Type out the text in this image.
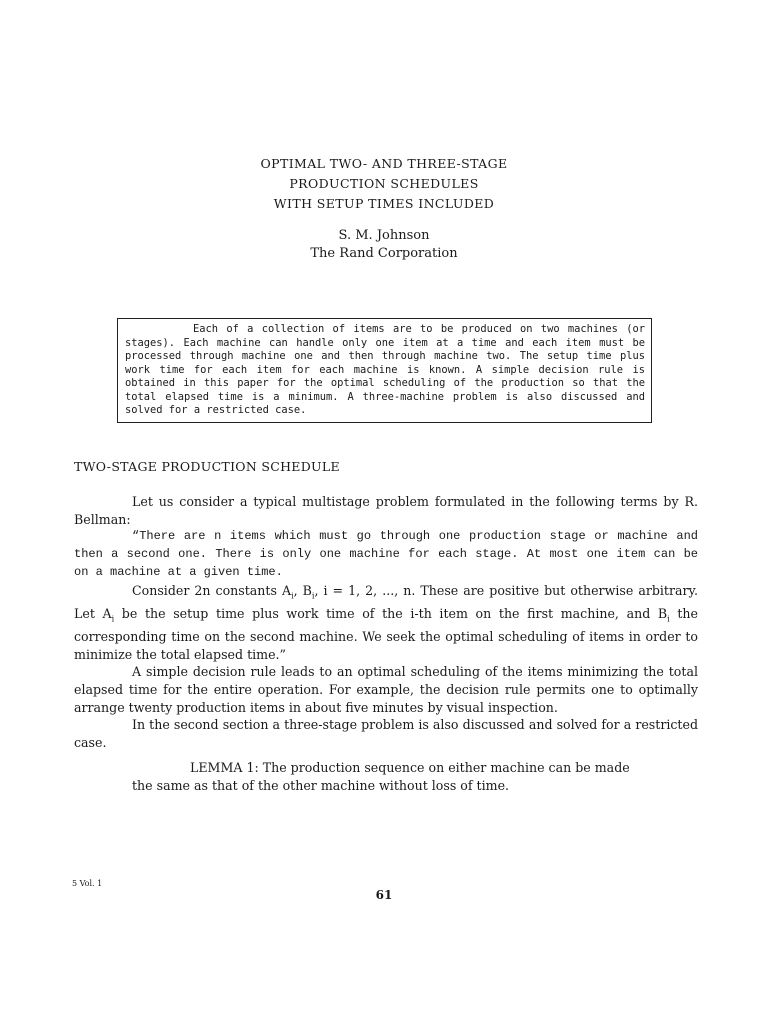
OPTIMAL TWO- AND THREE-STAGE
PRODUCTION SCHEDULES
WITH SETUP TIMES INCLUDED
S. M. Johnson
The Rand Corporation
Each of a collection of items are to be produced on two machines (or stages). Each machine can handle only one item at a time and each item must be processed through machine one and then through machine two. The setup time plus work time for each item for each machine is known. A simple decision rule is obtained in this paper for the optimal scheduling of the production so that the total elapsed time is a minimum. A three-machine problem is also discussed and solved for a restricted case.
TWO-STAGE PRODUCTION SCHEDULE

Let us consider a typical multistage problem formulated in the following terms by R. Bellman:

“There are n items which must go through one production stage or machine and then a second one. There is only one machine for each stage. At most one item can be on a machine at a given time.

Consider 2n constants $A_i$, $B_i$, i = 1, 2, ..., n. These are positive but otherwise arbitrary. Let $A_i$ be the setup time plus work time of the i-th item on the first machine, and $B_i$ the corresponding time on the second machine. We seek the optimal scheduling of items in order to minimize the total elapsed time.”

A simple decision rule leads to an optimal scheduling of the items minimizing the total elapsed time for the entire operation. For example, the decision rule permits one to optimally arrange twenty production items in about five minutes by visual inspection.

In the second section a three-stage problem is also discussed and solved for a restricted case.

LEMMA 1: The production sequence on either machine can be made the same as that of the other machine without loss of time.

5 Vol. 1
61
